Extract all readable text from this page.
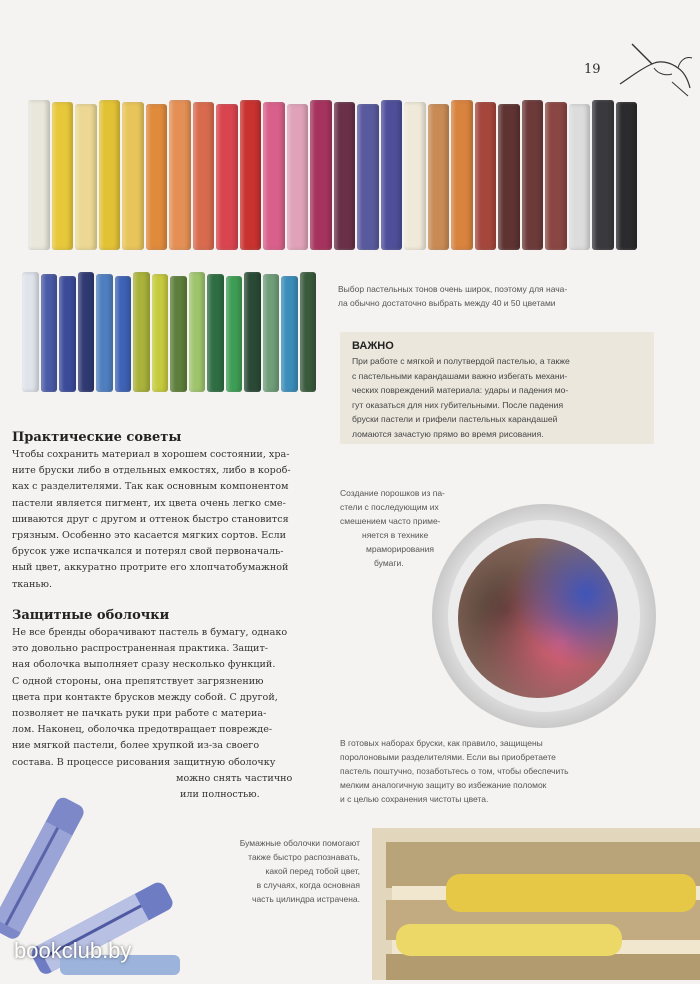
19
Выбор пастельных тонов очень широк, поэтому для нача-
ла обычно достаточно выбрать между 40 и 50 цветами
ВАЖНО
При работе с мягкой и полутвердой пастелью, а также
с пастельными карандашами важно избегать механи-
ческих повреждений материала: удары и падения мо-
гут оказаться для них губительными. После падения
бруски пастели и грифели пастельных карандашей
ломаются зачастую прямо во время рисования.
Практические советы
Чтобы сохранить материал в хорошем состоянии, хра-
ните бруски либо в отдельных емкостях, либо в короб-
ках с разделителями. Так как основным компонентом
пастели является пигмент, их цвета очень легко сме-
шиваются друг с другом и оттенок быстро становится
грязным. Особенно это касается мягких сортов. Если
брусок уже испачкался и потерял свой первоначаль-
ный цвет, аккуратно протрите его хлопчатобумажной
тканью.
Защитные оболочки
Не все бренды оборачивают пастель в бумагу, однако
это довольно распространенная практика. Защит-
ная оболочка выполняет сразу несколько функций.
С одной стороны, она препятствует загрязнению
цвета при контакте брусков между собой. С другой,
позволяет не пачкать руки при работе с материа-
лом. Наконец, оболочка предотвращает поврежде-
ние мягкой пастели, более хрупкой из-за своего
состава. В процессе рисования защитную оболочку
можно снять частично
или полностью.
Создание порошков из па-
стели с последующим их
смешением часто приме-
няется в технике
мраморирования
бумаги.
В готовых наборах бруски, как правило, защищены
поролоновыми разделителями. Если вы приобретаете
пастель поштучно, позаботьтесь о том, чтобы обеспечить
мелким аналогичную защиту во избежание поломок
и с целью сохранения чистоты цвета.
Бумажные оболочки помогают
также быстро распознавать,
какой перед тобой цвет,
в случаях, когда основная
часть цилиндра истрачена.
bookclub.by
